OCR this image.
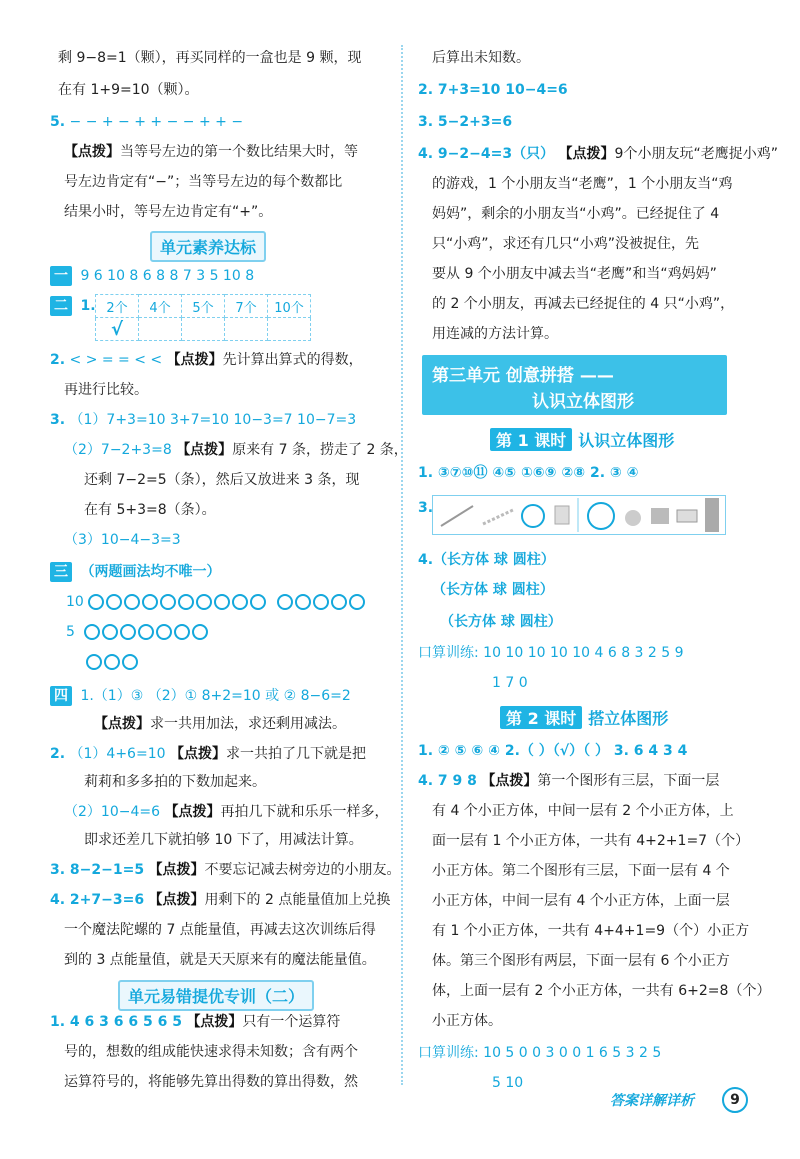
剩 9−8=1（颗），再买同样的一盒也是 9 颗，现
在有 1+9=10（颗）。
5. − − + − + + − − + + −
【点拨】当等号左边的第一个数比结果大时，等
号左边肯定有“−”；当等号左边的每个数都比
结果小时，等号左边肯定有“+”。
单元素养达标
一 9 6 10 8 6 8 8 7 3 5 10 8
二 1. 2个	4个	5个	7个	10个
√				
2. < > = = < < 【点拨】先计算出算式的得数，
再进行比较。
3. （1）7+3=10 3+7=10 10−3=7 10−7=3
（2）7−2+3=8 【点拨】原来有 7 条，捞走了 2 条，
还剩 7−2=5（条），然后又放进来 3 条，现
在有 5+3=8（条）。
（3）10−4−3=3
三 （两题画法均不唯一）
10
5
四 1.（1）③ （2）① 8+2=10 或 ② 8−6=2
【点拨】求一共用加法，求还剩用减法。
2. （1）4+6=10 【点拨】求一共拍了几下就是把
莉莉和多多拍的下数加起来。
（2）10−4=6 【点拨】再拍几下就和乐乐一样多，
即求还差几下就拍够 10 下了，用减法计算。
3. 8−2−1=5 【点拨】不要忘记减去树旁边的小朋友。
4. 2+7−3=6 【点拨】用剩下的 2 点能量值加上兑换
一个魔法陀螺的 7 点能量值，再减去这次训练后得
到的 3 点能量值，就是天天原来有的魔法能量值。
单元易错提优专训（二）
1. 4 6 3 6 6 5 6 5 【点拨】只有一个运算符
号的，想数的组成能快速求得未知数；含有两个
运算符号的，将能够先算出得数的算出得数，然
后算出未知数。
2. 7+3=10 10−4=6
3. 5−2+3=6
4. 9−2−4=3（只） 【点拨】9个小朋友玩“老鹰捉小鸡”
的游戏，1 个小朋友当“老鹰”，1 个小朋友当“鸡
妈妈”，剩余的小朋友当“小鸡”。已经捉住了 4
只“小鸡”，求还有几只“小鸡”没被捉住，先
要从 9 个小朋友中减去当“老鹰”和当“鸡妈妈”
的 2 个小朋友，再减去已经捉住的 4 只“小鸡”，
用连减的方法计算。
第三单元 创意拼搭 ——
认识立体图形
第 1 课时 认识立体图形
1. ③⑦⑩⑪ ④⑤ ①⑥⑨ ②⑧ 2. ③ ④
3.
4.（长方体 球 圆柱）
（长方体 球 圆柱）
（长方体 球 圆柱）
口算训练: 10 10 10 10 10 4 6 8 3 2 5 9
1 7 0
第 2 课时 搭立体图形
1. ② ⑤ ⑥ ④ 2.（ ）（√）（ ） 3. 6 4 3 4
4. 7 9 8 【点拨】第一个图形有三层，下面一层
有 4 个小正方体，中间一层有 2 个小正方体，上
面一层有 1 个小正方体，一共有 4+2+1=7（个）
小正方体。第二个图形有三层，下面一层有 4 个
小正方体，中间一层有 4 个小正方体，上面一层
有 1 个小正方体，一共有 4+4+1=9（个）小正方
体。第三个图形有两层，下面一层有 6 个小正方
体，上面一层有 2 个小正方体，一共有 6+2=8（个）
小正方体。
口算训练: 10 5 0 0 3 0 0 1 6 5 3 2 5
5 10
答案详解详析	9
